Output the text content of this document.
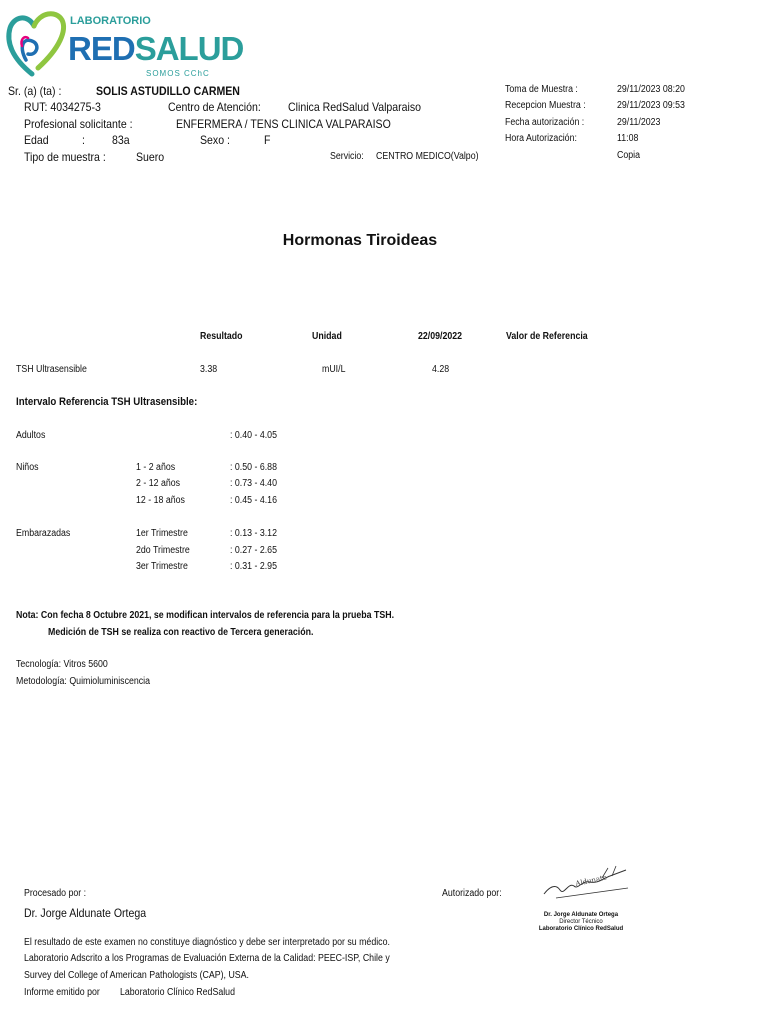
LABORATORIO
REDSALUD
SOMOS CChC
Sr. (a) (ta) :	SOLIS ASTUDILLO CARMEN
RUT: 4034275-3	Centro de Atención: Clinica RedSalud Valparaiso
Profesional solicitante :	ENFERMERA / TENS CLINICA VALPARAISO
Edad	: 83a	Sexo :	F
Tipo de muestra :	Suero	Servicio: CENTRO MEDICO(Valpo)
Toma de Muestra :	29/11/2023 08:20
Recepcion Muestra :	29/11/2023 09:53
Fecha autorización :	29/11/2023
Hora Autorización:	11:08
Copia
Hormonas Tiroideas
Resultado	Unidad	22/09/2022	Valor de Referencia
TSH Ultrasensible	3.38	mUI/L	4.28
Intervalo Referencia TSH Ultrasensible:
Adultos	: 0.40 - 4.05
Niños	1 - 2 años	: 0.50 - 6.88
2 - 12 años	: 0.73 - 4.40
12 - 18 años	: 0.45 - 4.16
Embarazadas	1er Trimestre	: 0.13 - 3.12
2do Trimestre	: 0.27 - 2.65
3er Trimestre	: 0.31 - 2.95
Nota: Con fecha 8 Octubre 2021, se modifican intervalos de referencia para la prueba TSH.
Medición de TSH se realiza con reactivo de Tercera generación.
Tecnología: Vitros 5600
Metodología: Quimioluminiscencia
Procesado por :
Dr. Jorge Aldunate Ortega
Autorizado por:
Aldunate
Dr. Jorge Aldunate Ortega
Director Técnico
Laboratorio Clínico RedSalud
El resultado de este examen no constituye diagnóstico y debe ser interpretado por su médico.
Laboratorio Adscrito a los Programas de Evaluación Externa de la Calidad: PEEC-ISP, Chile y
Survey del College of American Pathologists (CAP), USA.
Informe emitido por Laboratorio Clínico RedSalud
